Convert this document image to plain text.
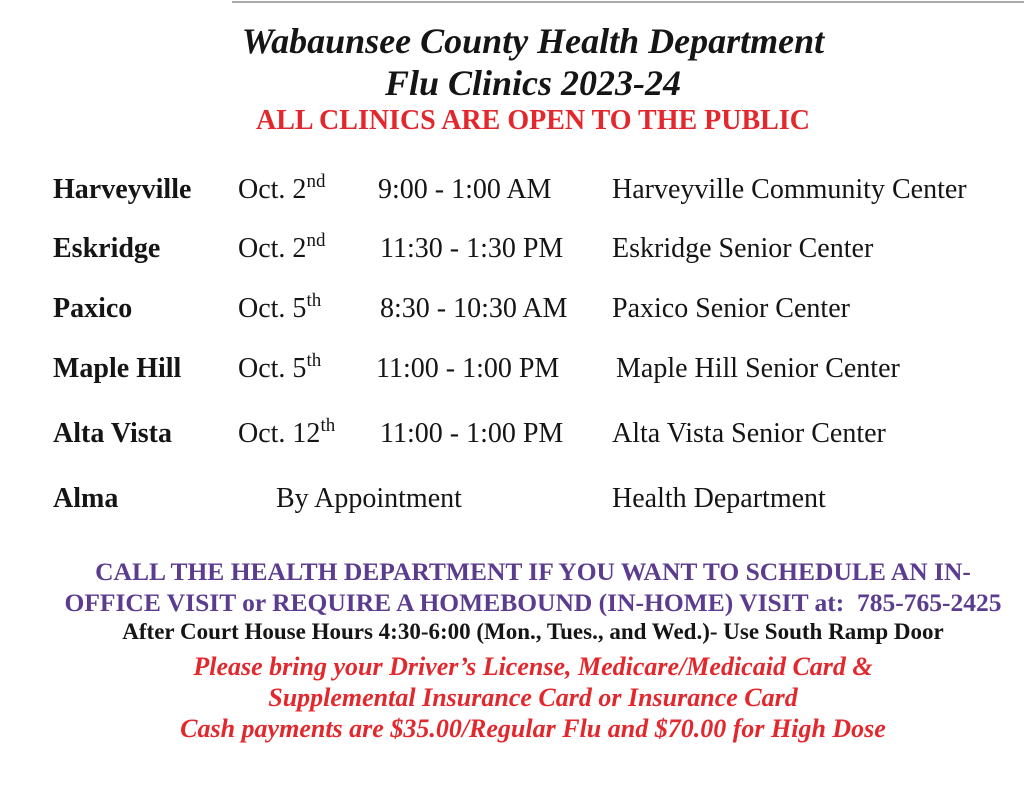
Wabaunsee County Health Department
Flu Clinics 2023-24
ALL CLINICS ARE OPEN TO THE PUBLIC
Harveyville Oct. 2nd 9:00 - 1:00 AM Harveyville Community Center
Eskridge	Oct. 2nd 11:30 - 1:30 PM Eskridge Senior Center
Paxico	Oct. 5th 8:30 - 10:30 AM Paxico Senior Center
Maple Hill Oct. 5th 11:00 - 1:00 PM Maple Hill Senior Center
Alta Vista Oct. 12th 11:00 - 1:00 PM Alta Vista Senior Center
Alma	By Appointment	Health Department
CALL THE HEALTH DEPARTMENT IF YOU WANT TO SCHEDULE AN IN-
OFFICE VISIT or REQUIRE A HOMEBOUND (IN-HOME) VISIT at: 785-765-2425
After Court House Hours 4:30-6:00 (Mon., Tues., and Wed.)- Use South Ramp Door
Please bring your Driver’s License, Medicare/Medicaid Card &
Supplemental Insurance Card or Insurance Card
Cash payments are $35.00/Regular Flu and $70.00 for High Dose
